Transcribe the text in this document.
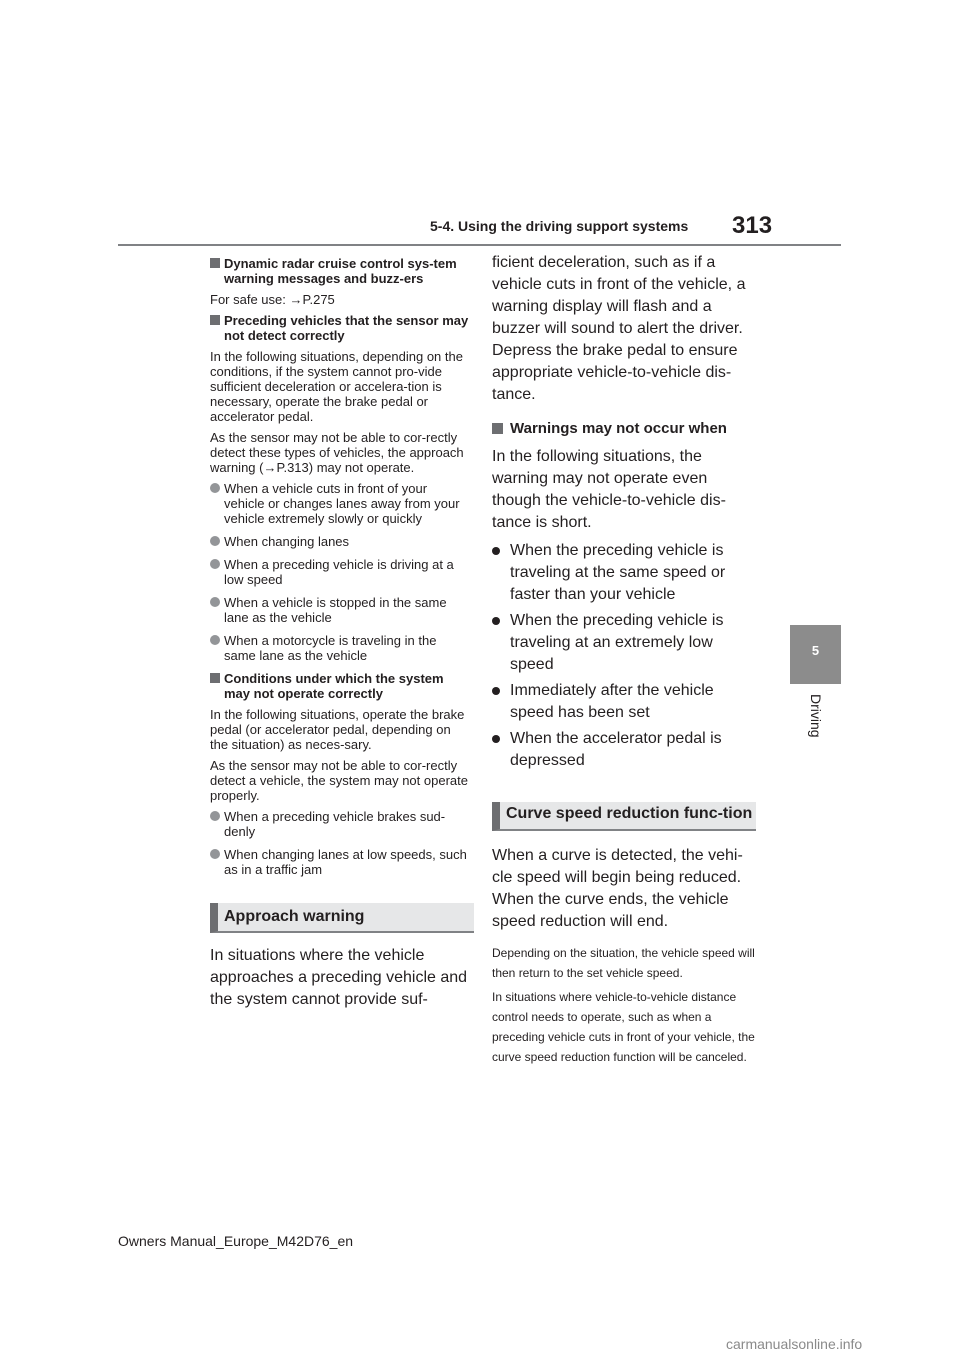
5-4. Using the driving support systems 313
5
Driving
Dynamic radar cruise control sys-tem warning messages and buzz-ers

For safe use: →P.275

Preceding vehicles that the sensor may not detect correctly

In the following situations, depending on the conditions, if the system cannot pro-vide sufficient deceleration or accelera-tion is necessary, operate the brake pedal or accelerator pedal.

As the sensor may not be able to cor-rectly detect these types of vehicles, the approach warning (→P.313) may not operate.

When a vehicle cuts in front of your vehicle or changes lanes away from your vehicle extremely slowly or quickly
When changing lanes
When a preceding vehicle is driving at a low speed
When a vehicle is stopped in the same lane as the vehicle
When a motorcycle is traveling in the same lane as the vehicle
Conditions under which the system may not operate correctly

In the following situations, operate the brake pedal (or accelerator pedal, depending on the situation) as neces-sary.

As the sensor may not be able to cor-rectly detect a vehicle, the system may not operate properly.

When a preceding vehicle brakes sud-denly
When changing lanes at low speeds, such as in a traffic jam
Approach warning

In situations where the vehicle approaches a preceding vehicle and the system cannot provide suf-

ficient deceleration, such as if a vehicle cuts in front of the vehicle, a warning display will flash and a buzzer will sound to alert the driver. Depress the brake pedal to ensure appropriate vehicle-to-vehicle dis-tance.

Warnings may not occur when

In the following situations, the warning may not operate even though the vehicle-to-vehicle dis-tance is short.

When the preceding vehicle is traveling at the same speed or faster than your vehicle
When the preceding vehicle is traveling at an extremely low speed
Immediately after the vehicle speed has been set
When the accelerator pedal is depressed
Curve speed reduction func-tion

When a curve is detected, the vehi-cle speed will begin being reduced. When the curve ends, the vehicle speed reduction will end.

Depending on the situation, the vehicle speed will then return to the set vehicle speed.

In situations where vehicle-to-vehicle distance control needs to operate, such as when a preceding vehicle cuts in front of your vehicle, the curve speed reduction function will be canceled.

Owners Manual_Europe_M42D76_en
carmanualsonline.info
